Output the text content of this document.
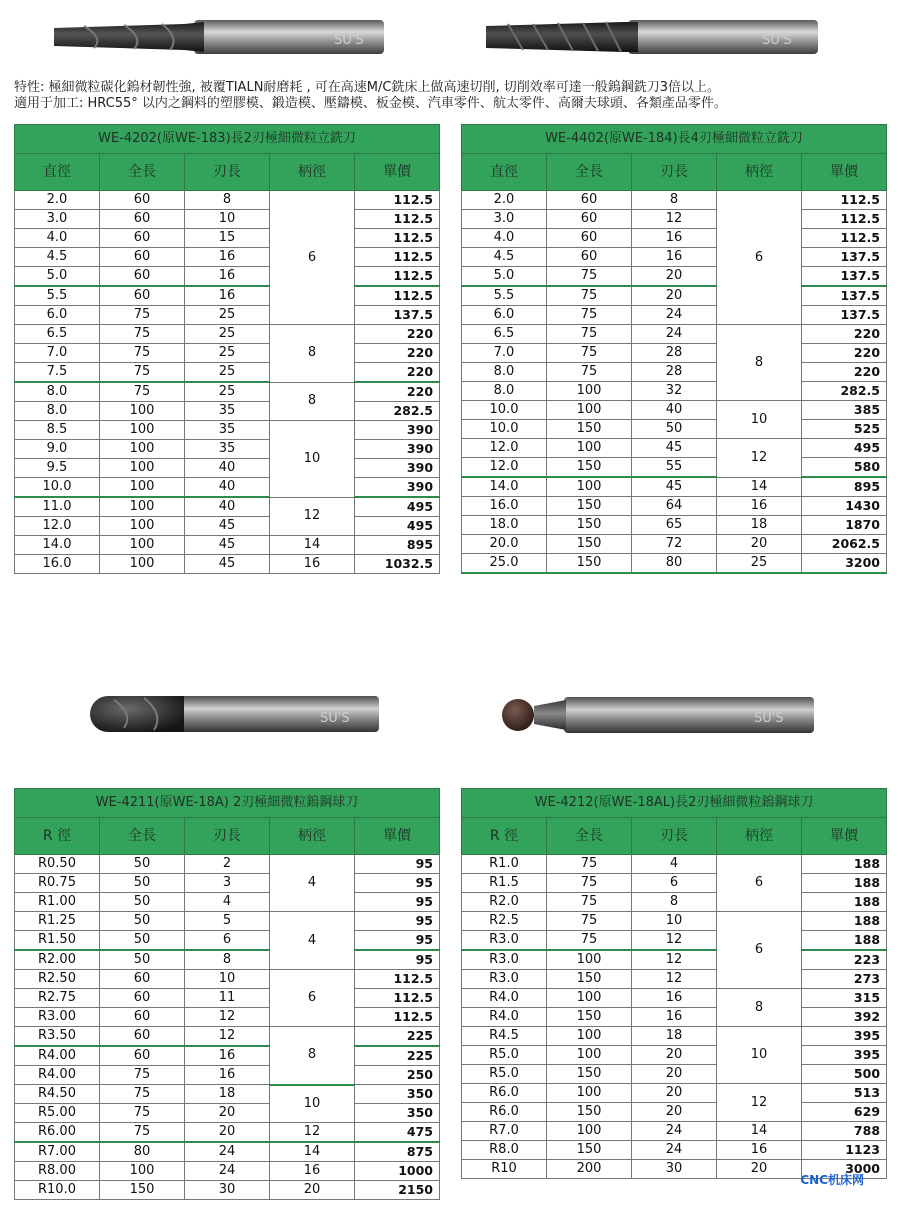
SU'S	SU'S
SU'S	SU'S
特性: 極細微粒碳化鎢材韌性強, 被覆TIALN耐磨耗 , 可在高速M/C銑床上做高速切削, 切削效率可達一般鎢鋼銑刀3倍以上。
適用于加工: HRC55° 以内之鋼料的塑膠模、鍛造模、壓鑄模、板金模、汽車零件、航太零件、高爾夫球頭、各類產品零件。
WE-4202(原WE-183)長2刃極細微粒立銑刀				
直徑	全長	刃長	柄徑	單價
2.0	60	8	6	112.5
3.0	60	10		112.5
4.0	60	15		112.5
4.5	60	16		112.5
5.0	60	16		112.5
5.5	60	16		112.5
6.0	75	25		137.5
6.5	75	25	8	220
7.0	75	25		220
7.5	75	25		220
8.0	75	25	8	220
8.0	100	35		282.5
8.5	100	35	10	390
9.0	100	35		390
9.5	100	40		390
10.0	100	40		390
11.0	100	40	12	495
12.0	100	45		495
14.0	100	45	14	895
16.0	100	45	16	1032.5
WE-4402(原WE-184)長4刃極細微粒立銑刀				
直徑	全長	刃長	柄徑	單價
2.0	60	8	6	112.5
3.0	60	12		112.5
4.0	60	16		112.5
4.5	60	16		137.5
5.0	75	20		137.5
5.5	75	20		137.5
6.0	75	24		137.5
6.5	75	24	8	220
7.0	75	28		220
8.0	75	28		220
8.0	100	32		282.5
10.0	100	40	10	385
10.0	150	50		525
12.0	100	45	12	495
12.0	150	55		580
14.0	100	45	14	895
16.0	150	64	16	1430
18.0	150	65	18	1870
20.0	150	72	20	2062.5
25.0	150	80	25	3200
WE-4211(原WE-18A) 2刃極細微粒鎢鋼球刀				
R 徑	全長	刃長	柄徑	單價
R0.50	50	2	4	95
R0.75	50	3		95
R1.00	50	4		95
R1.25	50	5	4	95
R1.50	50	6		95
R2.00	50	8		95
R2.50	60	10	6	112.5
R2.75	60	11		112.5
R3.00	60	12		112.5
R3.50	60	12	8	225
R4.00	60	16		225
R4.00	75	16		250
R4.50	75	18	10	350
R5.00	75	20		350
R6.00	75	20	12	475
R7.00	80	24	14	875
R8.00	100	24	16	1000
R10.0	150	30	20	2150
WE-4212(原WE-18AL)長2刃極細微粒鎢鋼球刀				
R 徑	全長	刃長	柄徑	單價
R1.0	75	4	6	188
R1.5	75	6		188
R2.0	75	8		188
R2.5	75	10	6	188
R3.0	75	12		188
R3.0	100	12		223
R3.0	150	12		273
R4.0	100	16	8	315
R4.0	150	16		392
R4.5	100	18	10	395
R5.0	100	20		395
R5.0	150	20		500
R6.0	100	20	12	513
R6.0	150	20		629
R7.0	100	24	14	788
R8.0	150	24	16	1123
R10	200	30	20	3000
CNC机床网
